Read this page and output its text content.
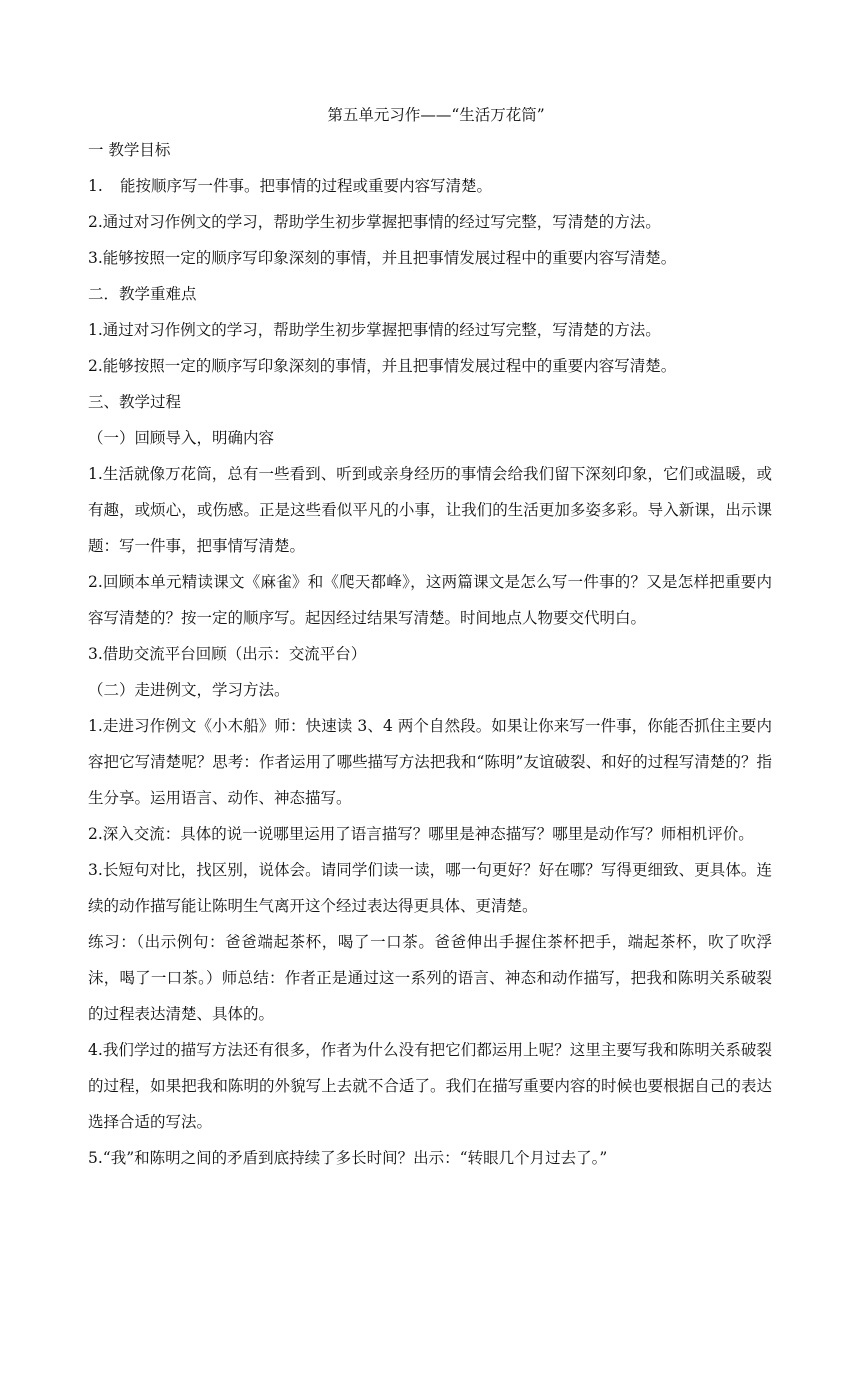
第五单元习作——“生活万花筒”

一 教学目标

1. 能按顺序写一件事。把事情的过程或重要内容写清楚。

2.通过对习作例文的学习，帮助学生初步掌握把事情的经过写完整，写清楚的方法。

3.能够按照一定的顺序写印象深刻的事情，并且把事情发展过程中的重要内容写清楚。

二．教学重难点

1.通过对习作例文的学习，帮助学生初步掌握把事情的经过写完整，写清楚的方法。

2.能够按照一定的顺序写印象深刻的事情，并且把事情发展过程中的重要内容写清楚。

三、教学过程

（一）回顾导入，明确内容

1.生活就像万花筒，总有一些看到、听到或亲身经历的事情会给我们留下深刻印象，它们或温暖，或有趣，或烦心，或伤感。正是这些看似平凡的小事，让我们的生活更加多姿多彩。导入新课，出示课题：写一件事，把事情写清楚。

2.回顾本单元精读课文《麻雀》和《爬天都峰》，这两篇课文是怎么写一件事的？又是怎样把重要内容写清楚的？按一定的顺序写。起因经过结果写清楚。时间地点人物要交代明白。

3.借助交流平台回顾（出示：交流平台）

（二）走进例文，学习方法。

1.走进习作例文《小木船》师：快速读 3、4 两个自然段。如果让你来写一件事，你能否抓住主要内容把它写清楚呢？思考：作者运用了哪些描写方法把我和“陈明”友谊破裂、和好的过程写清楚的？指生分享。运用语言、动作、神态描写。

2.深入交流：具体的说一说哪里运用了语言描写？哪里是神态描写？哪里是动作写？师相机评价。

3.长短句对比，找区别，说体会。请同学们读一读，哪一句更好？好在哪？写得更细致、更具体。连续的动作描写能让陈明生气离开这个经过表达得更具体、更清楚。

练习：（出示例句：爸爸端起茶杯，喝了一口茶。爸爸伸出手握住茶杯把手，端起茶杯，吹了吹浮沫，喝了一口茶。）师总结：作者正是通过这一系列的语言、神态和动作描写，把我和陈明关系破裂的过程表达清楚、具体的。

4.我们学过的描写方法还有很多，作者为什么没有把它们都运用上呢？这里主要写我和陈明关系破裂的过程，如果把我和陈明的外貌写上去就不合适了。我们在描写重要内容的时候也要根据自己的表达选择合适的写法。

5.“我”和陈明之间的矛盾到底持续了多长时间？出示：“转眼几个月过去了。”
